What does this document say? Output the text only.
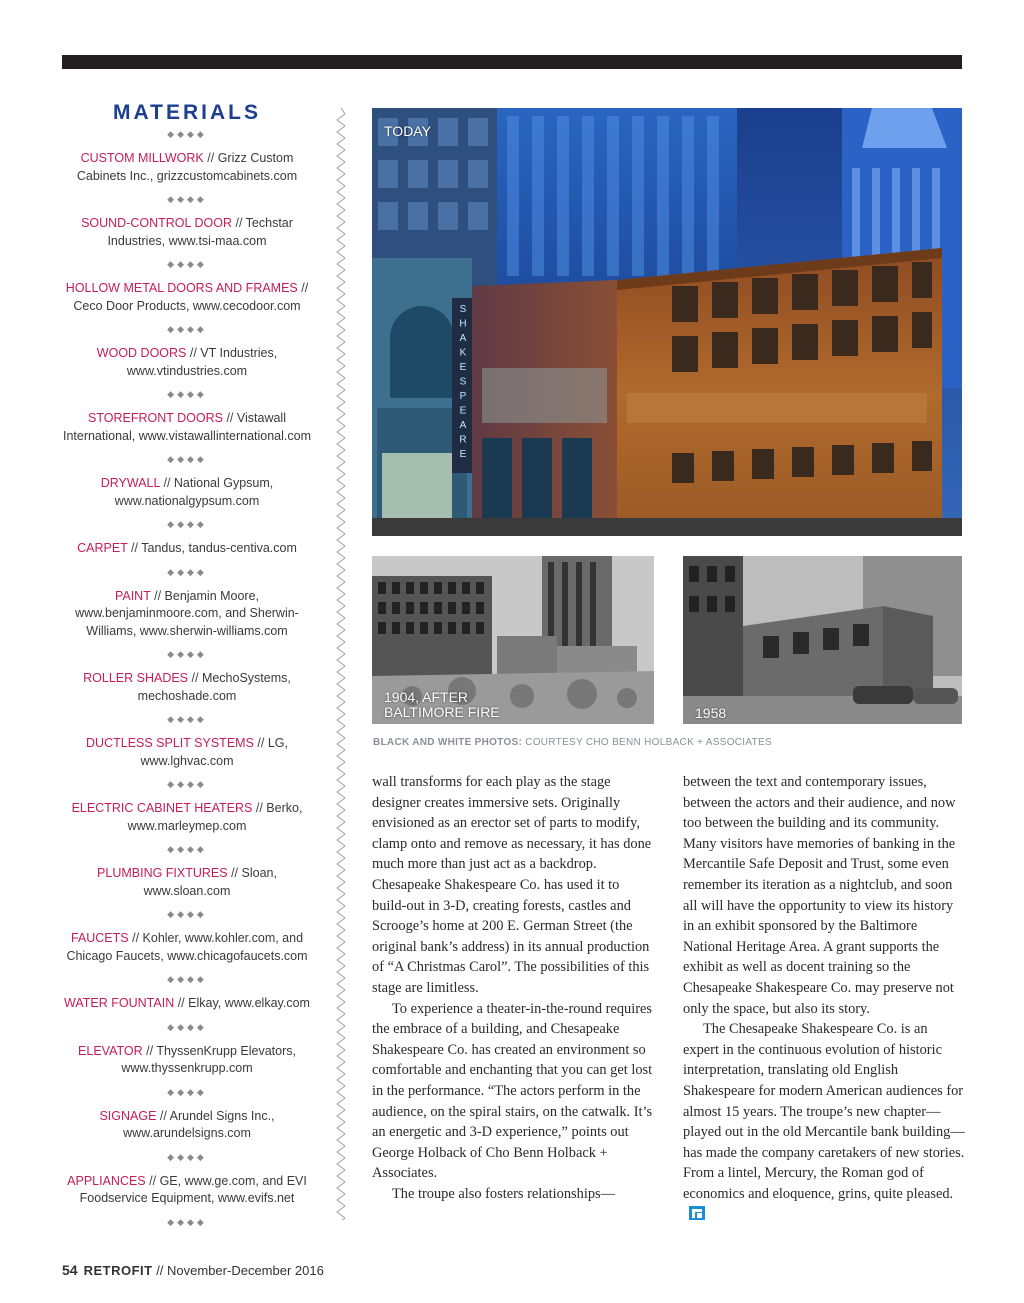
MATERIALS
◆◆◆◆
CUSTOM MILLWORK // Grizz Custom Cabinets Inc., grizzcustomcabinets.com
◆◆◆◆
SOUND-CONTROL DOOR // Techstar Industries, www.tsi-maa.com
◆◆◆◆
HOLLOW METAL DOORS AND FRAMES // Ceco Door Products, www.cecodoor.com
◆◆◆◆
WOOD DOORS // VT Industries, www.vtindustries.com
◆◆◆◆
STOREFRONT DOORS // Vistawall International, www.vistawallinternational.com
◆◆◆◆
DRYWALL // National Gypsum, www.nationalgypsum.com
◆◆◆◆
CARPET // Tandus, tandus-centiva.com
◆◆◆◆
PAINT // Benjamin Moore, www.benjaminmoore.com, and Sherwin-Williams, www.sherwin-williams.com
◆◆◆◆
ROLLER SHADES // MechoSystems, mechoshade.com
◆◆◆◆
DUCTLESS SPLIT SYSTEMS // LG, www.lghvac.com
◆◆◆◆
ELECTRIC CABINET HEATERS // Berko, www.marleymep.com
◆◆◆◆
PLUMBING FIXTURES // Sloan, www.sloan.com
◆◆◆◆
FAUCETS // Kohler, www.kohler.com, and Chicago Faucets, www.chicagofaucets.com
◆◆◆◆
WATER FOUNTAIN // Elkay, www.elkay.com
◆◆◆◆
ELEVATOR // ThyssenKrupp Elevators, www.thyssenkrupp.com
◆◆◆◆
SIGNAGE // Arundel Signs Inc., www.arundelsigns.com
◆◆◆◆
APPLIANCES // GE, www.ge.com, and EVI Foodservice Equipment, www.evifs.net
◆◆◆◆
S
H
A
K
E
S
P
E
A
R
E
TODAY
1904, AFTER BALTIMORE FIRE	1958
BLACK AND WHITE PHOTOS: COURTESY CHO BENN HOLBACK + ASSOCIATES

wall transforms for each play as the stage designer creates immersive sets. Originally envisioned as an erector set of parts to modify, clamp onto and remove as necessary, it has done much more than just act as a backdrop. Chesapeake Shakespeare Co. has used it to build-out in 3-D, creating forests, castles and Scrooge’s home at 200 E. German Street (the original bank’s address) in its annual production of “A Christmas Carol”. The possibilities of this stage are limitless.

To experience a theater-in-the-round requires the embrace of a building, and Chesapeake Shakespeare Co. has created an environment so comfortable and enchanting that you can get lost in the performance. “The actors perform in the audience, on the spiral stairs, on the catwalk. It’s an energetic and 3-D experience,” points out George Holback of Cho Benn Holback + Associates.

The troupe also fosters relationships—

between the text and contemporary issues, between the actors and their audience, and now too between the building and its community. Many visitors have memories of banking in the Mercantile Safe Deposit and Trust, some even remember its iteration as a nightclub, and soon all will have the opportunity to view its history in an exhibit sponsored by the Baltimore National Heritage Area. A grant supports the exhibit as well as docent training so the Chesapeake Shakespeare Co. may preserve not only the space, but also its story.

The Chesapeake Shakespeare Co. is an expert in the continuous evolution of historic interpretation, translating old English Shakespeare for modern American audiences for almost 15 years. The troupe’s new chapter—played out in the old Mercantile bank building—has made the company caretakers of new stories. From a lintel, Mercury, the Roman god of economics and eloquence, grins, quite pleased.

54 RETROFIT // November-December 2016
